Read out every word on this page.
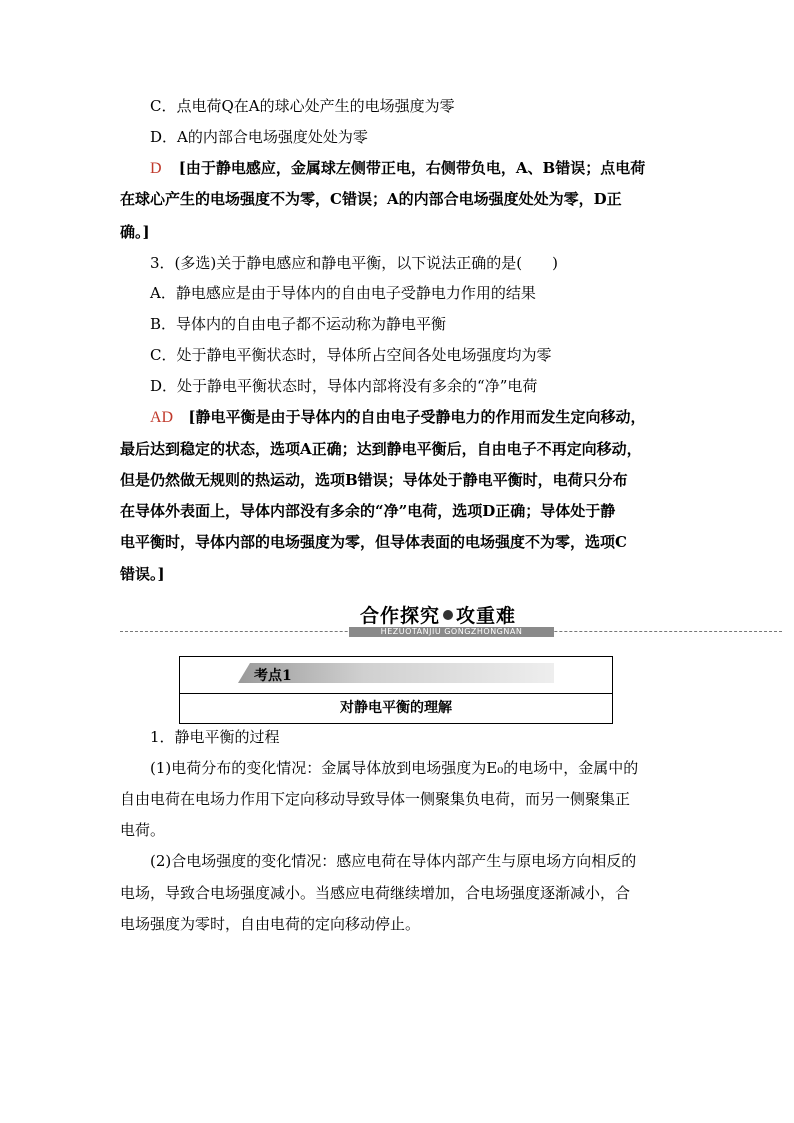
C．点电荷Q在A的球心处产生的电场强度为零
D．A的内部合电场强度处处为零
D [由于静电感应，金属球左侧带正电，右侧带负电，A、B错误；点电荷
在球心产生的电场强度不为零，C错误；A的内部合电场强度处处为零，D正
确。]
3．(多选)关于静电感应和静电平衡，以下说法正确的是(　　)
A．静电感应是由于导体内的自由电子受静电力作用的结果
B．导体内的自由电子都不运动称为静电平衡
C．处于静电平衡状态时，导体所占空间各处电场强度均为零
D．处于静电平衡状态时，导体内部将没有多余的“净”电荷
AD [静电平衡是由于导体内的自由电子受静电力的作用而发生定向移动，
最后达到稳定的状态，选项A正确；达到静电平衡后，自由电子不再定向移动，
但是仍然做无规则的热运动，选项B错误；导体处于静电平衡时，电荷只分布
在导体外表面上，导体内部没有多余的“净”电荷，选项D正确；导体处于静
电平衡时，导体内部的电场强度为零，但导体表面的电场强度不为零，选项C
错误。]
合作探究 攻重难
HEZUOTANJIU GONGZHONGNAN
考点1
对静电平衡的理解
1．静电平衡的过程
(1)电荷分布的变化情况：金属导体放到电场强度为E₀的电场中，金属中的
自由电荷在电场力作用下定向移动导致导体一侧聚集负电荷，而另一侧聚集正
电荷。
(2)合电场强度的变化情况：感应电荷在导体内部产生与原电场方向相反的
电场，导致合电场强度减小。当感应电荷继续增加，合电场强度逐渐减小，合
电场强度为零时，自由电荷的定向移动停止。
